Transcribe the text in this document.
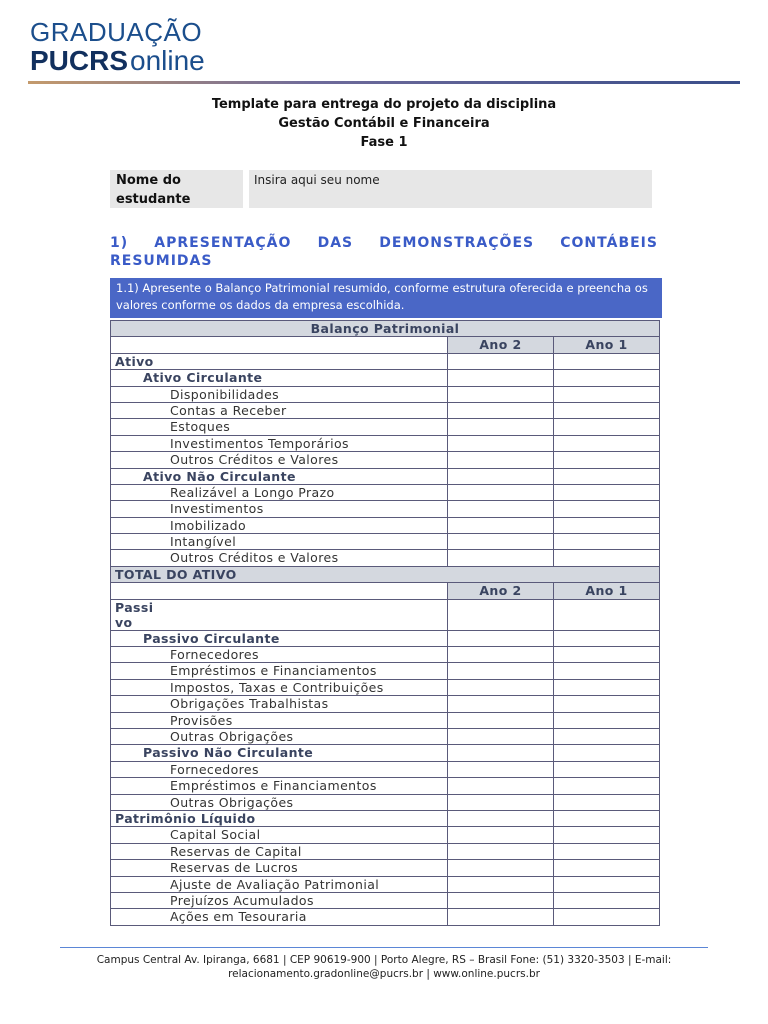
GRADUAÇÃO
PUCRSonline
Template para entrega do projeto da disciplina
Gestão Contábil e Financeira
Fase 1
Nome do estudante
Insira aqui seu nome
1) APRESENTAÇÃO DAS DEMONSTRAÇÕES CONTÁBEIS
RESUMIDAS
1.1) Apresente o Balanço Patrimonial resumido, conforme estrutura oferecida e preencha os valores conforme os dados da empresa escolhida.
Balanço Patrimonial		
	Ano 2	Ano 1
Ativo		
Ativo Circulante		
Disponibilidades		
Contas a Receber		
Estoques		
Investimentos Temporários		
Outros Créditos e Valores		
Ativo Não Circulante		
Realizável a Longo Prazo		
Investimentos		
Imobilizado		
Intangível		
Outros Créditos e Valores		
TOTAL DO ATIVO		
	Ano 2	Ano 1
Passi
vo		
Passivo Circulante		
Fornecedores		
Empréstimos e Financiamentos		
Impostos, Taxas e Contribuições		
Obrigações Trabalhistas		
Provisões		
Outras Obrigações		
Passivo Não Circulante		
Fornecedores		
Empréstimos e Financiamentos		
Outras Obrigações		
Patrimônio Líquido		
Capital Social		
Reservas de Capital		
Reservas de Lucros		
Ajuste de Avaliação Patrimonial		
Prejuízos Acumulados		
Ações em Tesouraria		
Campus Central Av. Ipiranga, 6681 | CEP 90619-900 | Porto Alegre, RS – Brasil Fone: (51) 3320-3503 | E-mail:
relacionamento.gradonline@pucrs.br | www.online.pucrs.br
